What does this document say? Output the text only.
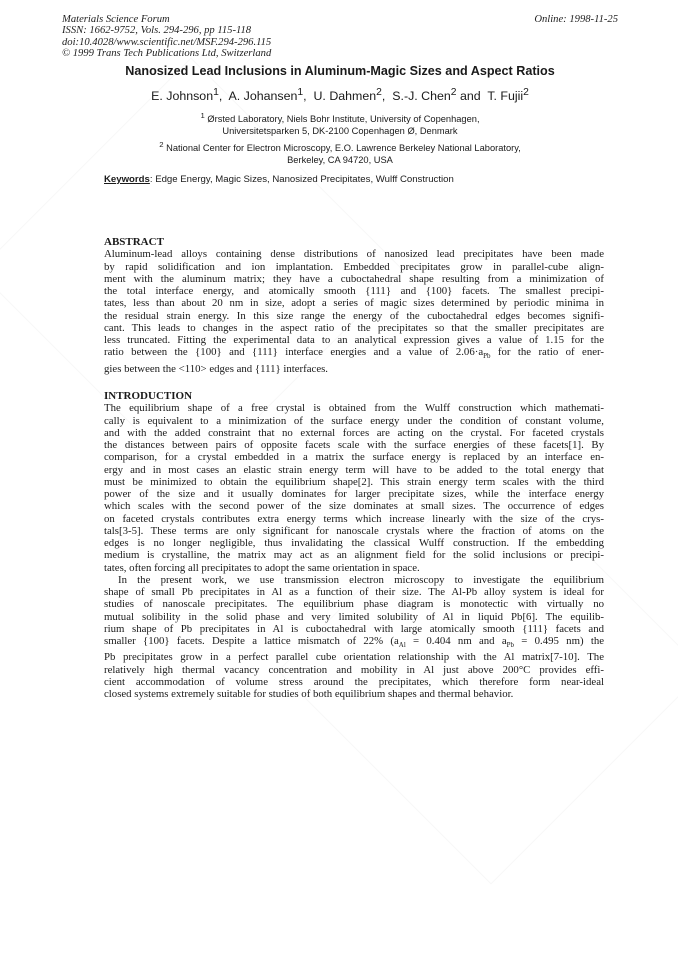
Materials Science Forum
ISSN: 1662-9752, Vols. 294-296, pp 115-118
doi:10.4028/www.scientific.net/MSF.294-296.115
© 1999 Trans Tech Publications Ltd, Switzerland
Online: 1998-11-25
Nanosized Lead Inclusions in Aluminum-Magic Sizes and Aspect Ratios
E. Johnson$^1$,  A. Johansen$^1$,  U. Dahmen$^2$,  S.-J. Chen$^2$ and  T. Fujii$^2$
$^1$ Ørsted Laboratory, Niels Bohr Institute, University of Copenhagen,
Universitetsparken 5, DK-2100 Copenhagen Ø, Denmark
$^2$ National Center for Electron Microscopy, E.O. Lawrence Berkeley National Laboratory,
Berkeley, CA 94720, USA
Keywords: Edge Energy, Magic Sizes, Nanosized Precipitates, Wulff Construction
ABSTRACT
Aluminum-lead alloys containing dense distributions of nanosized lead precipitates have been made
by rapid solidification and ion implantation. Embedded precipitates grow in parallel-cube align-
ment with the aluminum matrix; they have a cuboctahedral shape resulting from a minimization of
the total interface energy, and atomically smooth {111} and {100} facets. The smallest precipi-
tates, less than about 20 nm in size, adopt a series of magic sizes determined by periodic minima in
the residual strain energy. In this size range the energy of the cuboctahedral edges becomes signifi-
cant. This leads to changes in the aspect ratio of the precipitates so that the smaller precipitates are
less truncated. Fitting the experimental data to an analytical expression gives a value of 1.15 for the
ratio between the {100} and {111} interface energies and a value of $2.06\cdot a_{Pb}$ for the ratio of ener-
gies between the <110> edges and {111} interfaces.
INTRODUCTION
The equilibrium shape of a free crystal is obtained from the Wulff construction which mathemati-
cally is equivalent to a minimization of the surface energy under the condition of constant volume,
and with the added constraint that no external forces are acting on the crystal. For faceted crystals
the distances between pairs of opposite facets scale with the surface energies of these facets[1]. By
comparison, for a crystal embedded in a matrix the surface energy is replaced by an interface en-
ergy and in most cases an elastic strain energy term will have to be added to the total energy that
must be minimized to obtain the equilibrium shape[2]. This strain energy term scales with the third
power of the size and it usually dominates for larger precipitate sizes, while the interface energy
which scales with the second power of the size dominates at small sizes. The occurrence of edges
on faceted crystals contributes extra energy terms which increase linearly with the size of the crys-
tals[3-5]. These terms are only significant for nanoscale crystals where the fraction of atoms on the
edges is no longer negligible, thus invalidating the classical Wulff construction. If the embedding
medium is crystalline, the matrix may act as an alignment field for the solid inclusions or precipi-
tates, often forcing all precipitates to adopt the same orientation in space.
In the present work, we use transmission electron microscopy to investigate the equilibrium
shape of small Pb precipitates in Al as a function of their size. The Al-Pb alloy system is ideal for
studies of nanoscale precipitates. The equilibrium phase diagram is monotectic with virtually no
mutual solibility in the solid phase and very limited solubility of Al in liquid Pb[6]. The equilib-
rium shape of Pb precipitates in Al is cuboctahedral with large atomically smooth {111} facets and
smaller {100} facets. Despite a lattice mismatch of 22% ($a_{Al} = 0.404$ nm and $a_{Pb} = 0.495$ nm) the
Pb precipitates grow in a perfect parallel cube orientation relationship with the Al matrix[7-10]. The
relatively high thermal vacancy concentration and mobility in Al just above 200°C provides effi-
cient accommodation of volume stress around the precipitates, which therefore form near-ideal
closed systems extremely suitable for studies of both equilibrium shapes and thermal behavior.
